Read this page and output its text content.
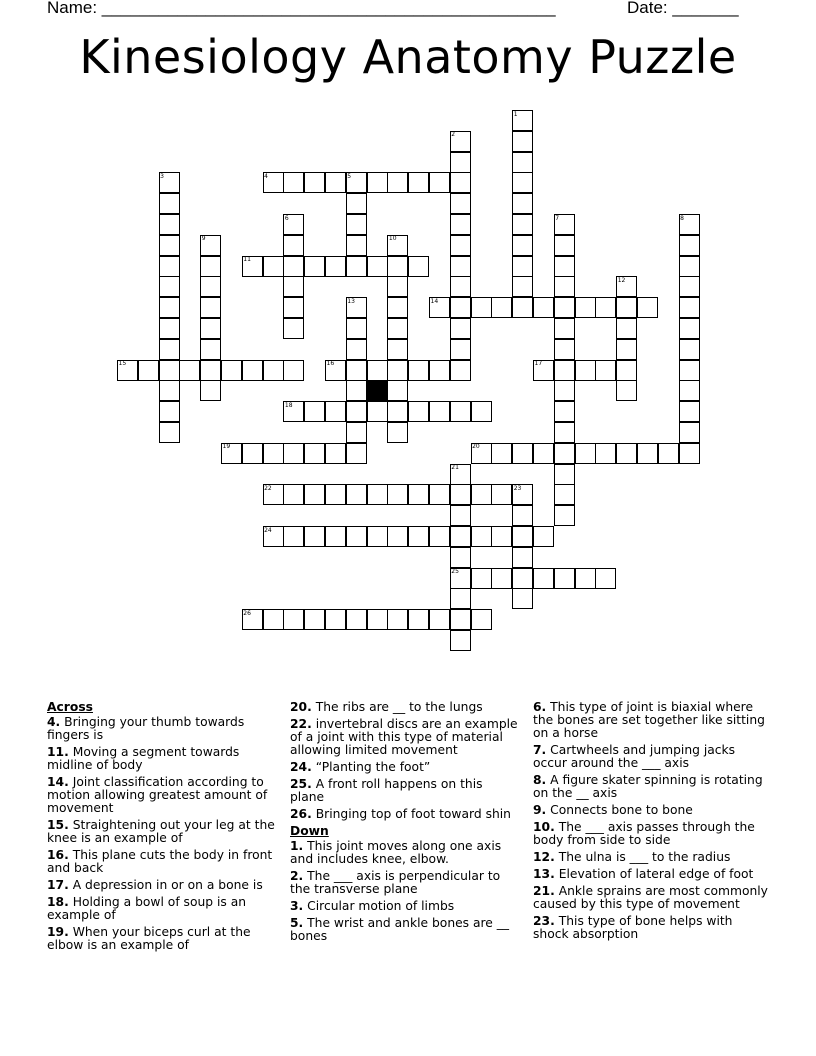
Name: ________________________________________________	Date: _______
Kinesiology Anatomy Puzzle
1
2
3	4	5
6	7	8
9	10
11
12
13	14
15	16	17
18
19	20
21
22	23
24
25
26
Across
4. Bringing your thumb towards fingers is
11. Moving a segment towards midline of body
14. Joint classification according to motion allowing greatest amount of movement
15. Straightening out your leg at the knee is an example of
16. This plane cuts the body in front and back
17. A depression in or on a bone is
18. Holding a bowl of soup is an example of
19. When your biceps curl at the elbow is an example of
20. The ribs are __ to the lungs
22. invertebral discs are an example of a joint with this type of material allowing limited movement
24. “Planting the foot”
25. A front roll happens on this plane
26. Bringing top of foot toward shin
Down
1. This joint moves along one axis and includes knee, elbow.
2. The ___ axis is perpendicular to the transverse plane
3. Circular motion of limbs
5. The wrist and ankle bones are __ bones
6. This type of joint is biaxial where the bones are set together like sitting on a horse
7. Cartwheels and jumping jacks occur around the ___ axis
8. A figure skater spinning is rotating on the __ axis
9. Connects bone to bone
10. The ___ axis passes through the body from side to side
12. The ulna is ___ to the radius
13. Elevation of lateral edge of foot
21. Ankle sprains are most commonly caused by this type of movement
23. This type of bone helps with shock absorption
